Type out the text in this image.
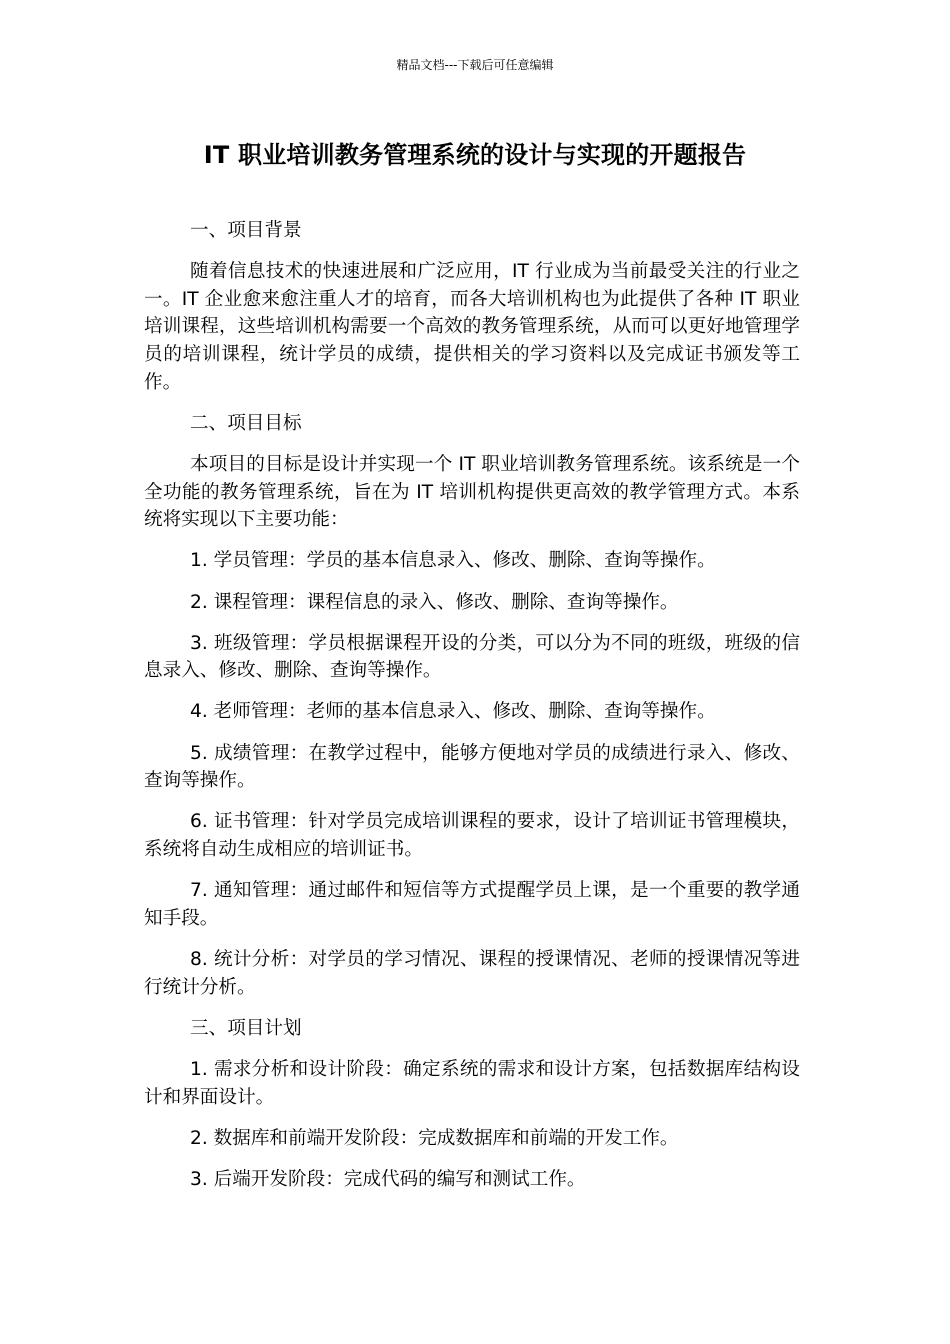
精品文档---下载后可任意编辑
IT 职业培训教务管理系统的设计与实现的开题报告

一、项目背景

随着信息技术的快速进展和广泛应用，IT 行业成为当前最受关注的行业之一。IT 企业愈来愈注重人才的培育，而各大培训机构也为此提供了各种 IT 职业培训课程，这些培训机构需要一个高效的教务管理系统，从而可以更好地管理学员的培训课程，统计学员的成绩，提供相关的学习资料以及完成证书颁发等工作。

二、项目目标

本项目的目标是设计并实现一个 IT 职业培训教务管理系统。该系统是一个全功能的教务管理系统，旨在为 IT 培训机构提供更高效的教学管理方式。本系统将实现以下主要功能：

1. 学员管理：学员的基本信息录入、修改、删除、查询等操作。

2. 课程管理：课程信息的录入、修改、删除、查询等操作。

3. 班级管理：学员根据课程开设的分类，可以分为不同的班级，班级的信息录入、修改、删除、查询等操作。

4. 老师管理：老师的基本信息录入、修改、删除、查询等操作。

5. 成绩管理：在教学过程中，能够方便地对学员的成绩进行录入、修改、查询等操作。

6. 证书管理：针对学员完成培训课程的要求，设计了培训证书管理模块，系统将自动生成相应的培训证书。

7. 通知管理：通过邮件和短信等方式提醒学员上课，是一个重要的教学通知手段。

8. 统计分析：对学员的学习情况、课程的授课情况、老师的授课情况等进行统计分析。

三、项目计划

1. 需求分析和设计阶段：确定系统的需求和设计方案，包括数据库结构设计和界面设计。

2. 数据库和前端开发阶段：完成数据库和前端的开发工作。

3. 后端开发阶段：完成代码的编写和测试工作。
